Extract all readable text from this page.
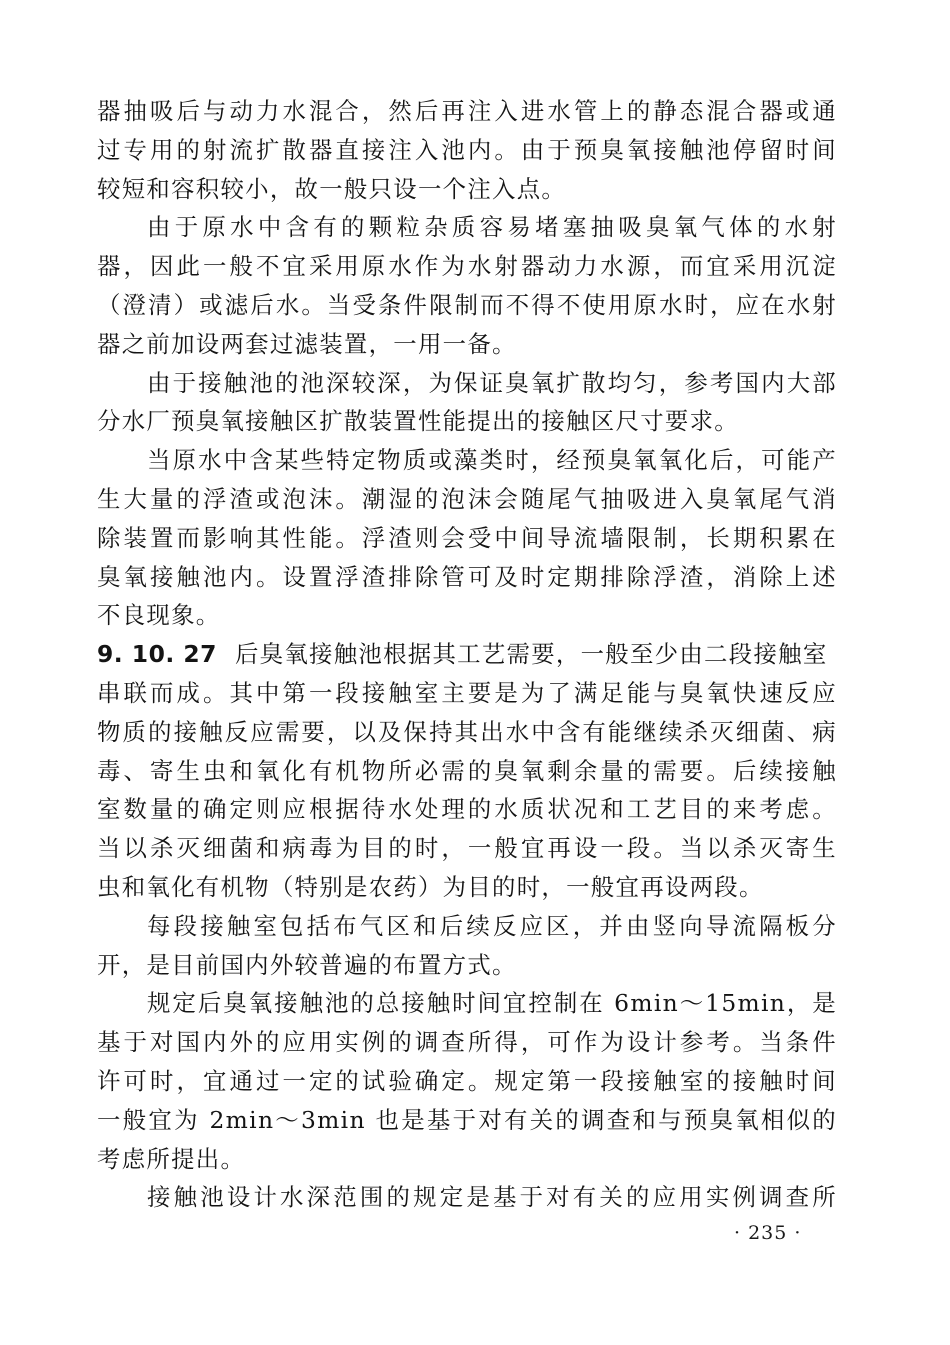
器抽吸后与动力水混合，然后再注入进水管上的静态混合器或通
过专用的射流扩散器直接注入池内。由于预臭氧接触池停留时间
较短和容积较小，故一般只设一个注入点。
由于原水中含有的颗粒杂质容易堵塞抽吸臭氧气体的水射
器，因此一般不宜采用原水作为水射器动力水源，而宜采用沉淀
（澄清）或滤后水。当受条件限制而不得不使用原水时，应在水射
器之前加设两套过滤装置，一用一备。
由于接触池的池深较深，为保证臭氧扩散均匀，参考国内大部
分水厂预臭氧接触区扩散装置性能提出的接触区尺寸要求。
当原水中含某些特定物质或藻类时，经预臭氧氧化后，可能产
生大量的浮渣或泡沫。潮湿的泡沫会随尾气抽吸进入臭氧尾气消
除装置而影响其性能。浮渣则会受中间导流墙限制，长期积累在
臭氧接触池内。设置浮渣排除管可及时定期排除浮渣，消除上述
不良现象。
9. 10. 27 后臭氧接触池根据其工艺需要，一般至少由二段接触室
串联而成。其中第一段接触室主要是为了满足能与臭氧快速反应
物质的接触反应需要，以及保持其出水中含有能继续杀灭细菌、病
毒、寄生虫和氧化有机物所必需的臭氧剩余量的需要。后续接触
室数量的确定则应根据待水处理的水质状况和工艺目的来考虑。
当以杀灭细菌和病毒为目的时，一般宜再设一段。当以杀灭寄生
虫和氧化有机物（特别是农药）为目的时，一般宜再设两段。
每段接触室包括布气区和后续反应区，并由竖向导流隔板分
开，是目前国内外较普遍的布置方式。
规定后臭氧接触池的总接触时间宜控制在 6min～15min，是
基于对国内外的应用实例的调查所得，可作为设计参考。当条件
许可时，宜通过一定的试验确定。规定第一段接触室的接触时间
一般宜为 2min～3min 也是基于对有关的调查和与预臭氧相似的
考虑所提出。
接触池设计水深范围的规定是基于对有关的应用实例调查所
· 235 ·
